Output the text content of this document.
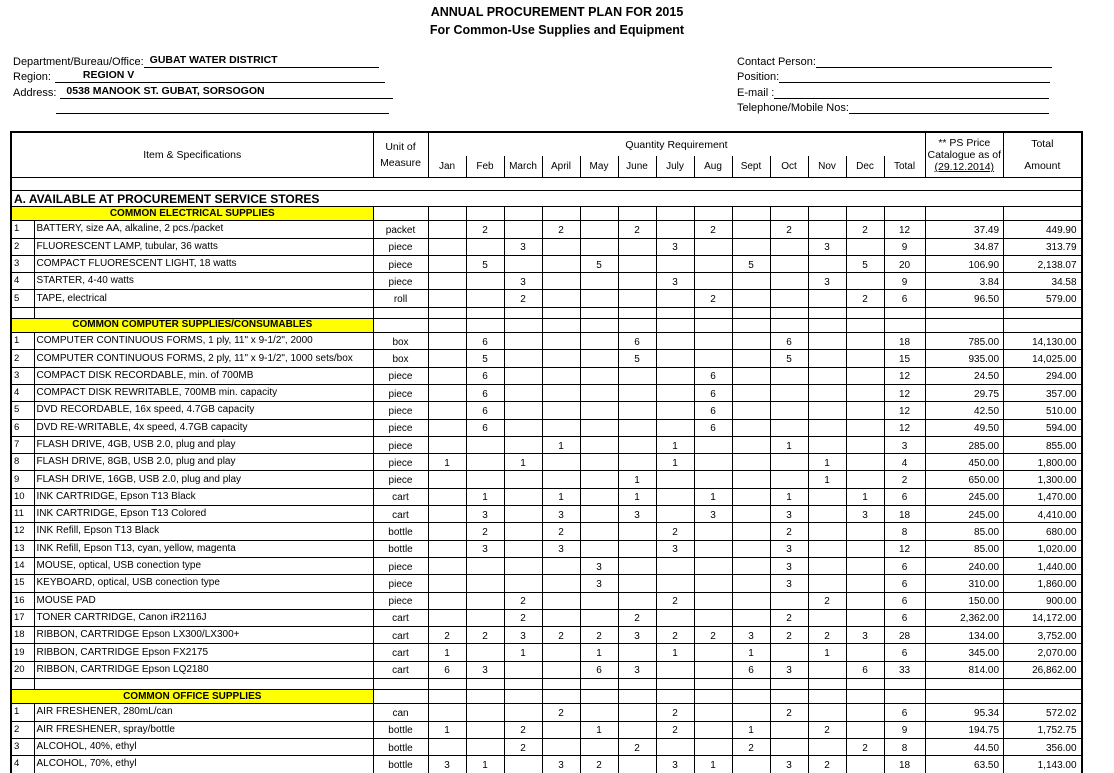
ANNUAL PROCUREMENT PLAN FOR 2015
For Common-Use Supplies and Equipment
Department/Bureau/Office: GUBAT WATER DISTRICT
Region:	REGION V
Address: 0538 MANOOK ST. GUBAT, SORSOGON
Contact Person:
Position:
E-mail :
Telephone/Mobile Nos:
Item & Specifications		Unit of
Measure	Quantity Requirement													** PS Price
Catalogue as of
(29.12.2014)	Total
Amount
			Jan	Feb	March	April	May	June	July	Aug	Sept	Oct	Nov	Dec	Total		

A. AVAILABLE AT PROCUREMENT SERVICE STORES																	
COMMON ELECTRICAL SUPPLIES																	
1	BATTERY, size AA, alkaline, 2 pcs./packet	packet		2		2		2		2		2		2	12	37.49	449.90
2	FLUORESCENT LAMP, tubular, 36 watts	piece			3				3				3		9	34.87	313.79
3	COMPACT FLUORESCENT LIGHT, 18 watts	piece		5			5				5			5	20	106.90	2,138.07
4	STARTER, 4-40 watts	piece			3				3				3		9	3.84	34.58
5	TAPE, electrical	roll			2					2				2	6	96.50	579.00

COMMON COMPUTER SUPPLIES/CONSUMABLES																	
1	COMPUTER CONTINUOUS FORMS, 1 ply, 11" x 9-1/2", 2000	box		6				6				6			18	785.00	14,130.00
2	COMPUTER CONTINUOUS FORMS, 2 ply, 11" x 9-1/2", 1000 sets/box	box		5				5				5			15	935.00	14,025.00
3	COMPACT DISK RECORDABLE, min. of 700MB	piece		6						6					12	24.50	294.00
4	COMPACT DISK REWRITABLE, 700MB min. capacity	piece		6						6					12	29.75	357.00
5	DVD RECORDABLE, 16x speed, 4.7GB capacity	piece		6						6					12	42.50	510.00
6	DVD RE-WRITABLE, 4x speed, 4.7GB capacity	piece		6						6					12	49.50	594.00
7	FLASH DRIVE, 4GB, USB 2.0, plug and play	piece				1			1			1			3	285.00	855.00
8	FLASH DRIVE, 8GB, USB 2.0, plug and play	piece	1		1				1				1		4	450.00	1,800.00
9	FLASH DRIVE, 16GB, USB 2.0, plug and play	piece						1					1		2	650.00	1,300.00
10	INK CARTRIDGE, Epson T13 Black	cart		1		1		1		1		1		1	6	245.00	1,470.00
11	INK CARTRIDGE, Epson T13 Colored	cart		3		3		3		3		3		3	18	245.00	4,410.00
12	INK Refill, Epson T13 Black	bottle		2		2			2			2			8	85.00	680.00
13	INK Refill, Epson T13, cyan, yellow, magenta	bottle		3		3			3			3			12	85.00	1,020.00
14	MOUSE, optical, USB conection type	piece					3					3			6	240.00	1,440.00
15	KEYBOARD, optical, USB conection type	piece					3					3			6	310.00	1,860.00
16	MOUSE PAD	piece			2				2				2		6	150.00	900.00
17	TONER CARTRIDGE, Canon iR2116J	cart			2			2				2			6	2,362.00	14,172.00
18	RIBBON, CARTRIDGE Epson LX300/LX300+	cart	2	2	3	2	2	3	2	2	3	2	2	3	28	134.00	3,752.00
19	RIBBON, CARTRIDGE Epson FX2175	cart	1		1		1		1		1		1		6	345.00	2,070.00
20	RIBBON, CARTRIDGE Epson LQ2180	cart	6	3			6	3			6	3		6	33	814.00	26,862.00

COMMON OFFICE SUPPLIES																	
1	AIR FRESHENER, 280mL/can	can				2			2			2			6	95.34	572.02
2	AIR FRESHENER, spray/bottle	bottle	1		2		1		2		1		2		9	194.75	1,752.75
3	ALCOHOL, 40%, ethyl	bottle			2			2			2			2	8	44.50	356.00
4	ALCOHOL, 70%, ethyl	bottle	3	1		3	2		3	1		3	2		18	63.50	1,143.00
